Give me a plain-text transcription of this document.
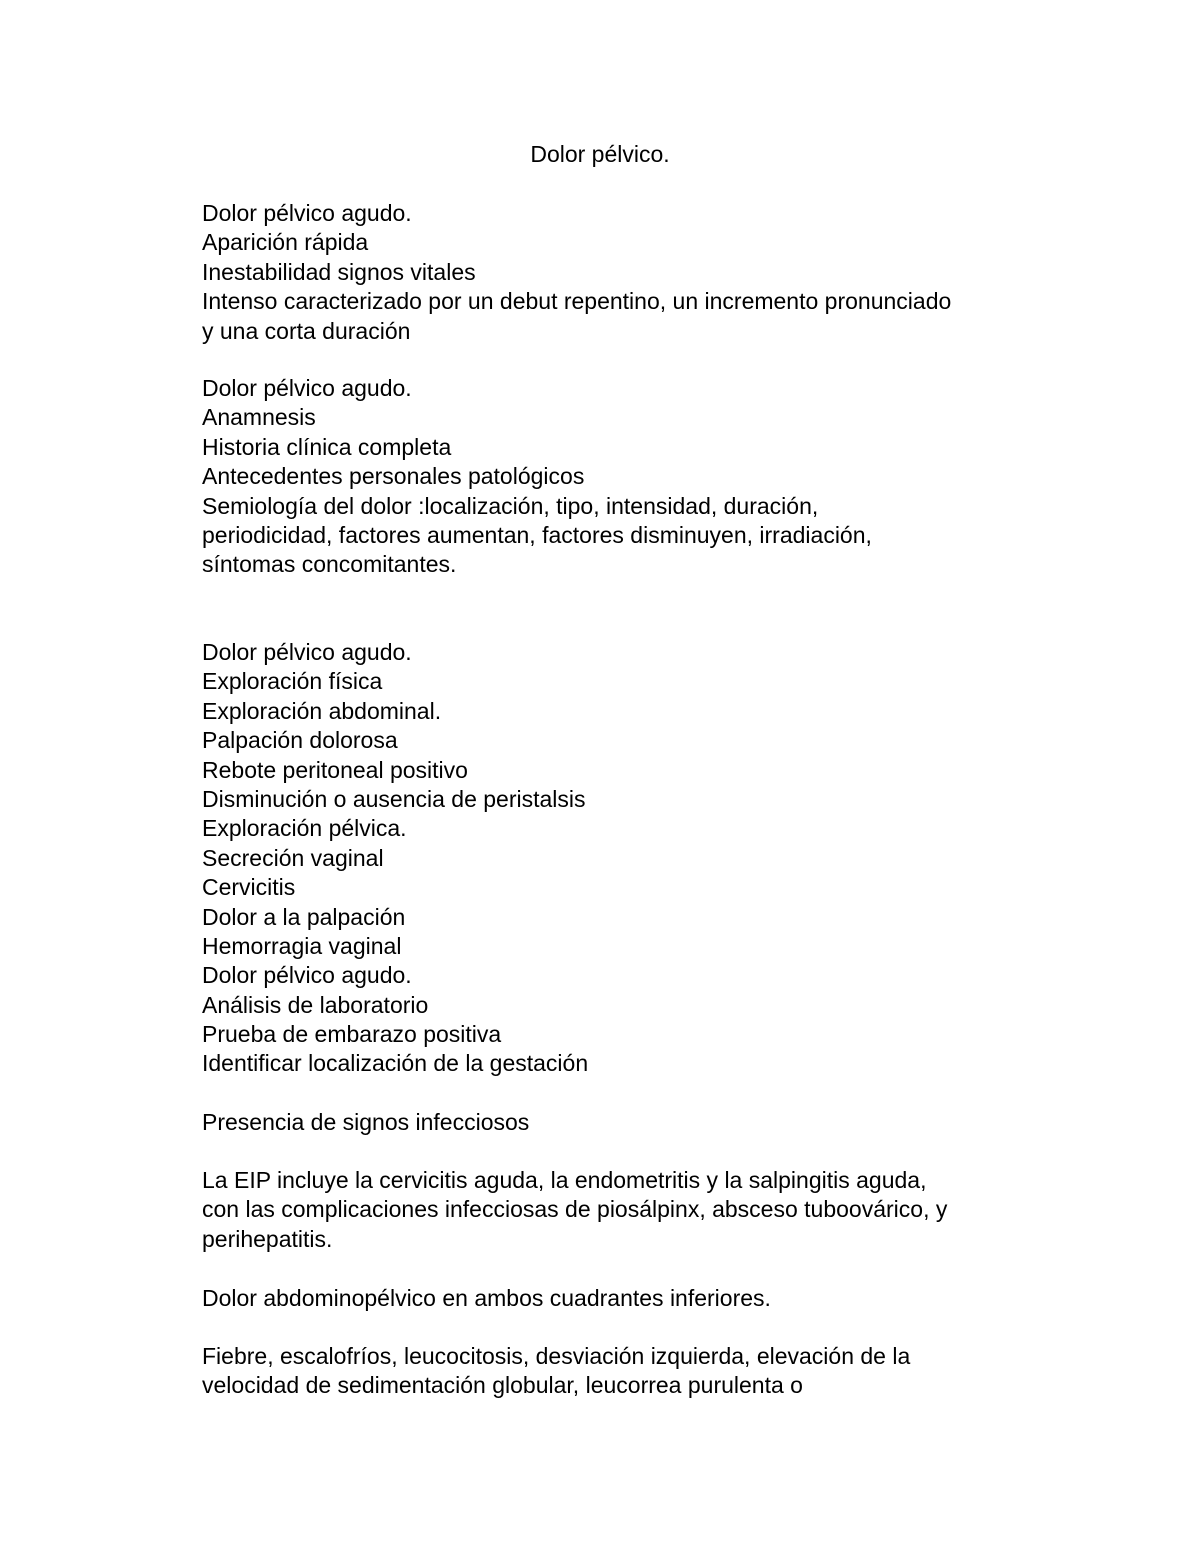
Dolor pélvico.
Dolor pélvico agudo.
Aparición rápida
Inestabilidad signos vitales
Intenso caracterizado por un debut repentino, un incremento pronunciado
y una corta duración
Dolor pélvico agudo.
Anamnesis
Historia clínica completa
Antecedentes personales patológicos
Semiología del dolor :localización, tipo, intensidad, duración,
periodicidad, factores aumentan, factores disminuyen, irradiación,
síntomas concomitantes.
Dolor pélvico agudo.
Exploración física
Exploración abdominal.
Palpación dolorosa
Rebote peritoneal positivo
Disminución o ausencia de peristalsis
Exploración pélvica.
Secreción vaginal
Cervicitis
Dolor a la palpación
Hemorragia vaginal
Dolor pélvico agudo.
Análisis de laboratorio
Prueba de embarazo positiva
Identificar localización de la gestación
Presencia de signos infecciosos
La EIP incluye la cervicitis aguda, la endometritis y la salpingitis aguda,
con las complicaciones infecciosas de piosálpinx, absceso tuboovárico, y
perihepatitis.
Dolor abdominopélvico en ambos cuadrantes inferiores.
Fiebre, escalofríos, leucocitosis, desviación izquierda, elevación de la
velocidad de sedimentación globular, leucorrea purulenta o
